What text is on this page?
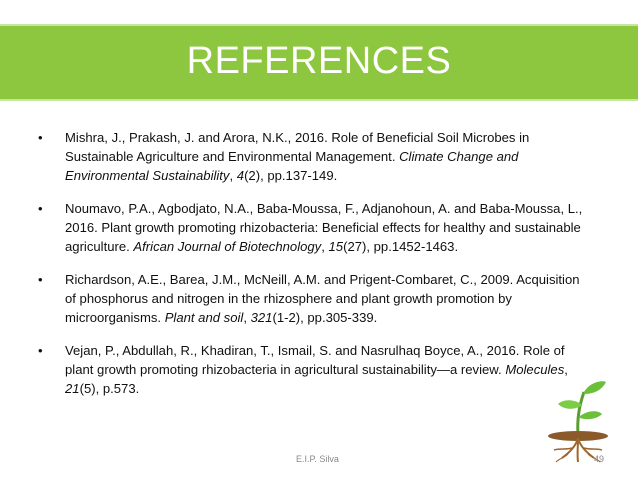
REFERENCES
• Mishra, J., Prakash, J. and Arora, N.K., 2016. Role of Beneficial Soil Microbes in Sustainable Agriculture and Environmental Management. Climate Change and Environmental Sustainability, 4(2), pp.137-149.
• Noumavo, P.A., Agbodjato, N.A., Baba-Moussa, F., Adjanohoun, A. and Baba-Moussa, L., 2016. Plant growth promoting rhizobacteria: Beneficial effects for healthy and sustainable agriculture. African Journal of Biotechnology, 15(27), pp.1452-1463.
• Richardson, A.E., Barea, J.M., McNeill, A.M. and Prigent-Combaret, C., 2009. Acquisition of phosphorus and nitrogen in the rhizosphere and plant growth promotion by microorganisms. Plant and soil, 321(1-2), pp.305-339.
• Vejan, P., Abdullah, R., Khadiran, T., Ismail, S. and Nasrulhaq Boyce, A., 2016. Role of plant growth promoting rhizobacteria in agricultural sustainability—a review. Molecules, 21(5), p.573.
E.I.P. Silva	49
